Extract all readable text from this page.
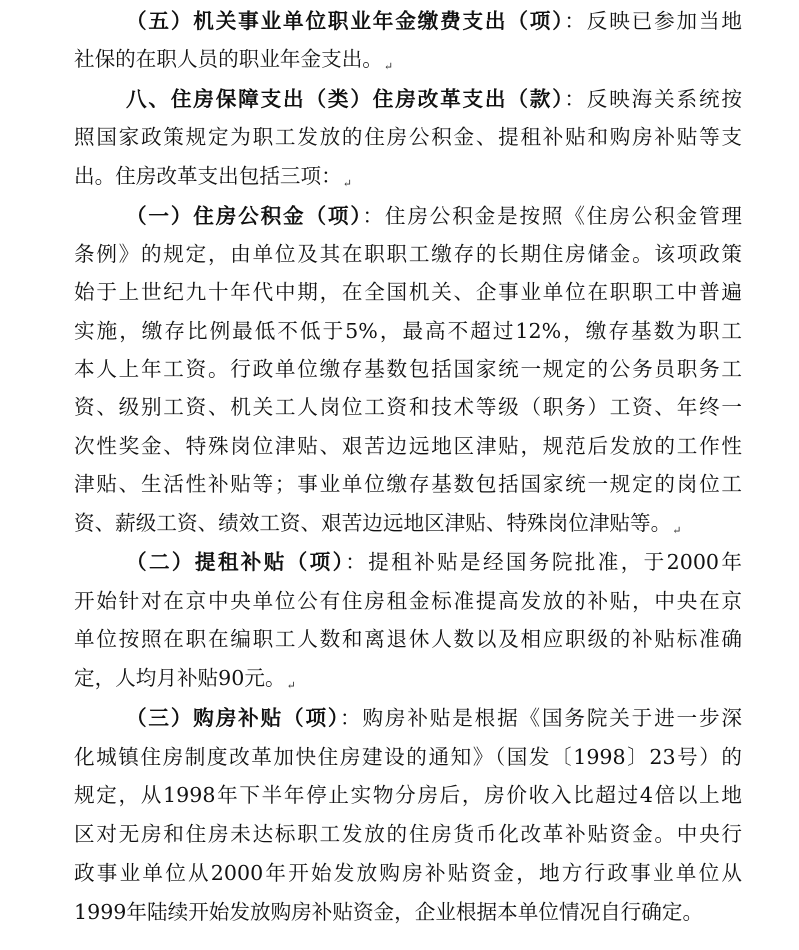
（五）机关事业单位职业年金缴费支出（项）：反映已参加当地
社保的在职人员的职业年金支出。↵
八、住房保障支出（类）住房改革支出（款）：反映海关系统按
照国家政策规定为职工发放的住房公积金、提租补贴和购房补贴等支
出。住房改革支出包括三项：↵
（一）住房公积金（项）：住房公积金是按照《住房公积金管理
条例》的规定，由单位及其在职职工缴存的长期住房储金。该项政策
始于上世纪九十年代中期，在全国机关、企事业单位在职职工中普遍
实施，缴存比例最低不低于5%，最高不超过12%，缴存基数为职工
本人上年工资。行政单位缴存基数包括国家统一规定的公务员职务工
资、级别工资、机关工人岗位工资和技术等级（职务）工资、年终一
次性奖金、特殊岗位津贴、艰苦边远地区津贴，规范后发放的工作性
津贴、生活性补贴等；事业单位缴存基数包括国家统一规定的岗位工
资、薪级工资、绩效工资、艰苦边远地区津贴、特殊岗位津贴等。↵
（二）提租补贴（项）：提租补贴是经国务院批准，于2000年
开始针对在京中央单位公有住房租金标准提高发放的补贴，中央在京
单位按照在职在编职工人数和离退休人数以及相应职级的补贴标准确
定，人均月补贴90元。↵
（三）购房补贴（项）：购房补贴是根据《国务院关于进一步深
化城镇住房制度改革加快住房建设的通知》（国发〔1998〕23号）的
规定，从1998年下半年停止实物分房后，房价收入比超过4倍以上地
区对无房和住房未达标职工发放的住房货币化改革补贴资金。中央行
政事业单位从2000年开始发放购房补贴资金，地方行政事业单位从
1999年陆续开始发放购房补贴资金，企业根据本单位情况自行确定。
